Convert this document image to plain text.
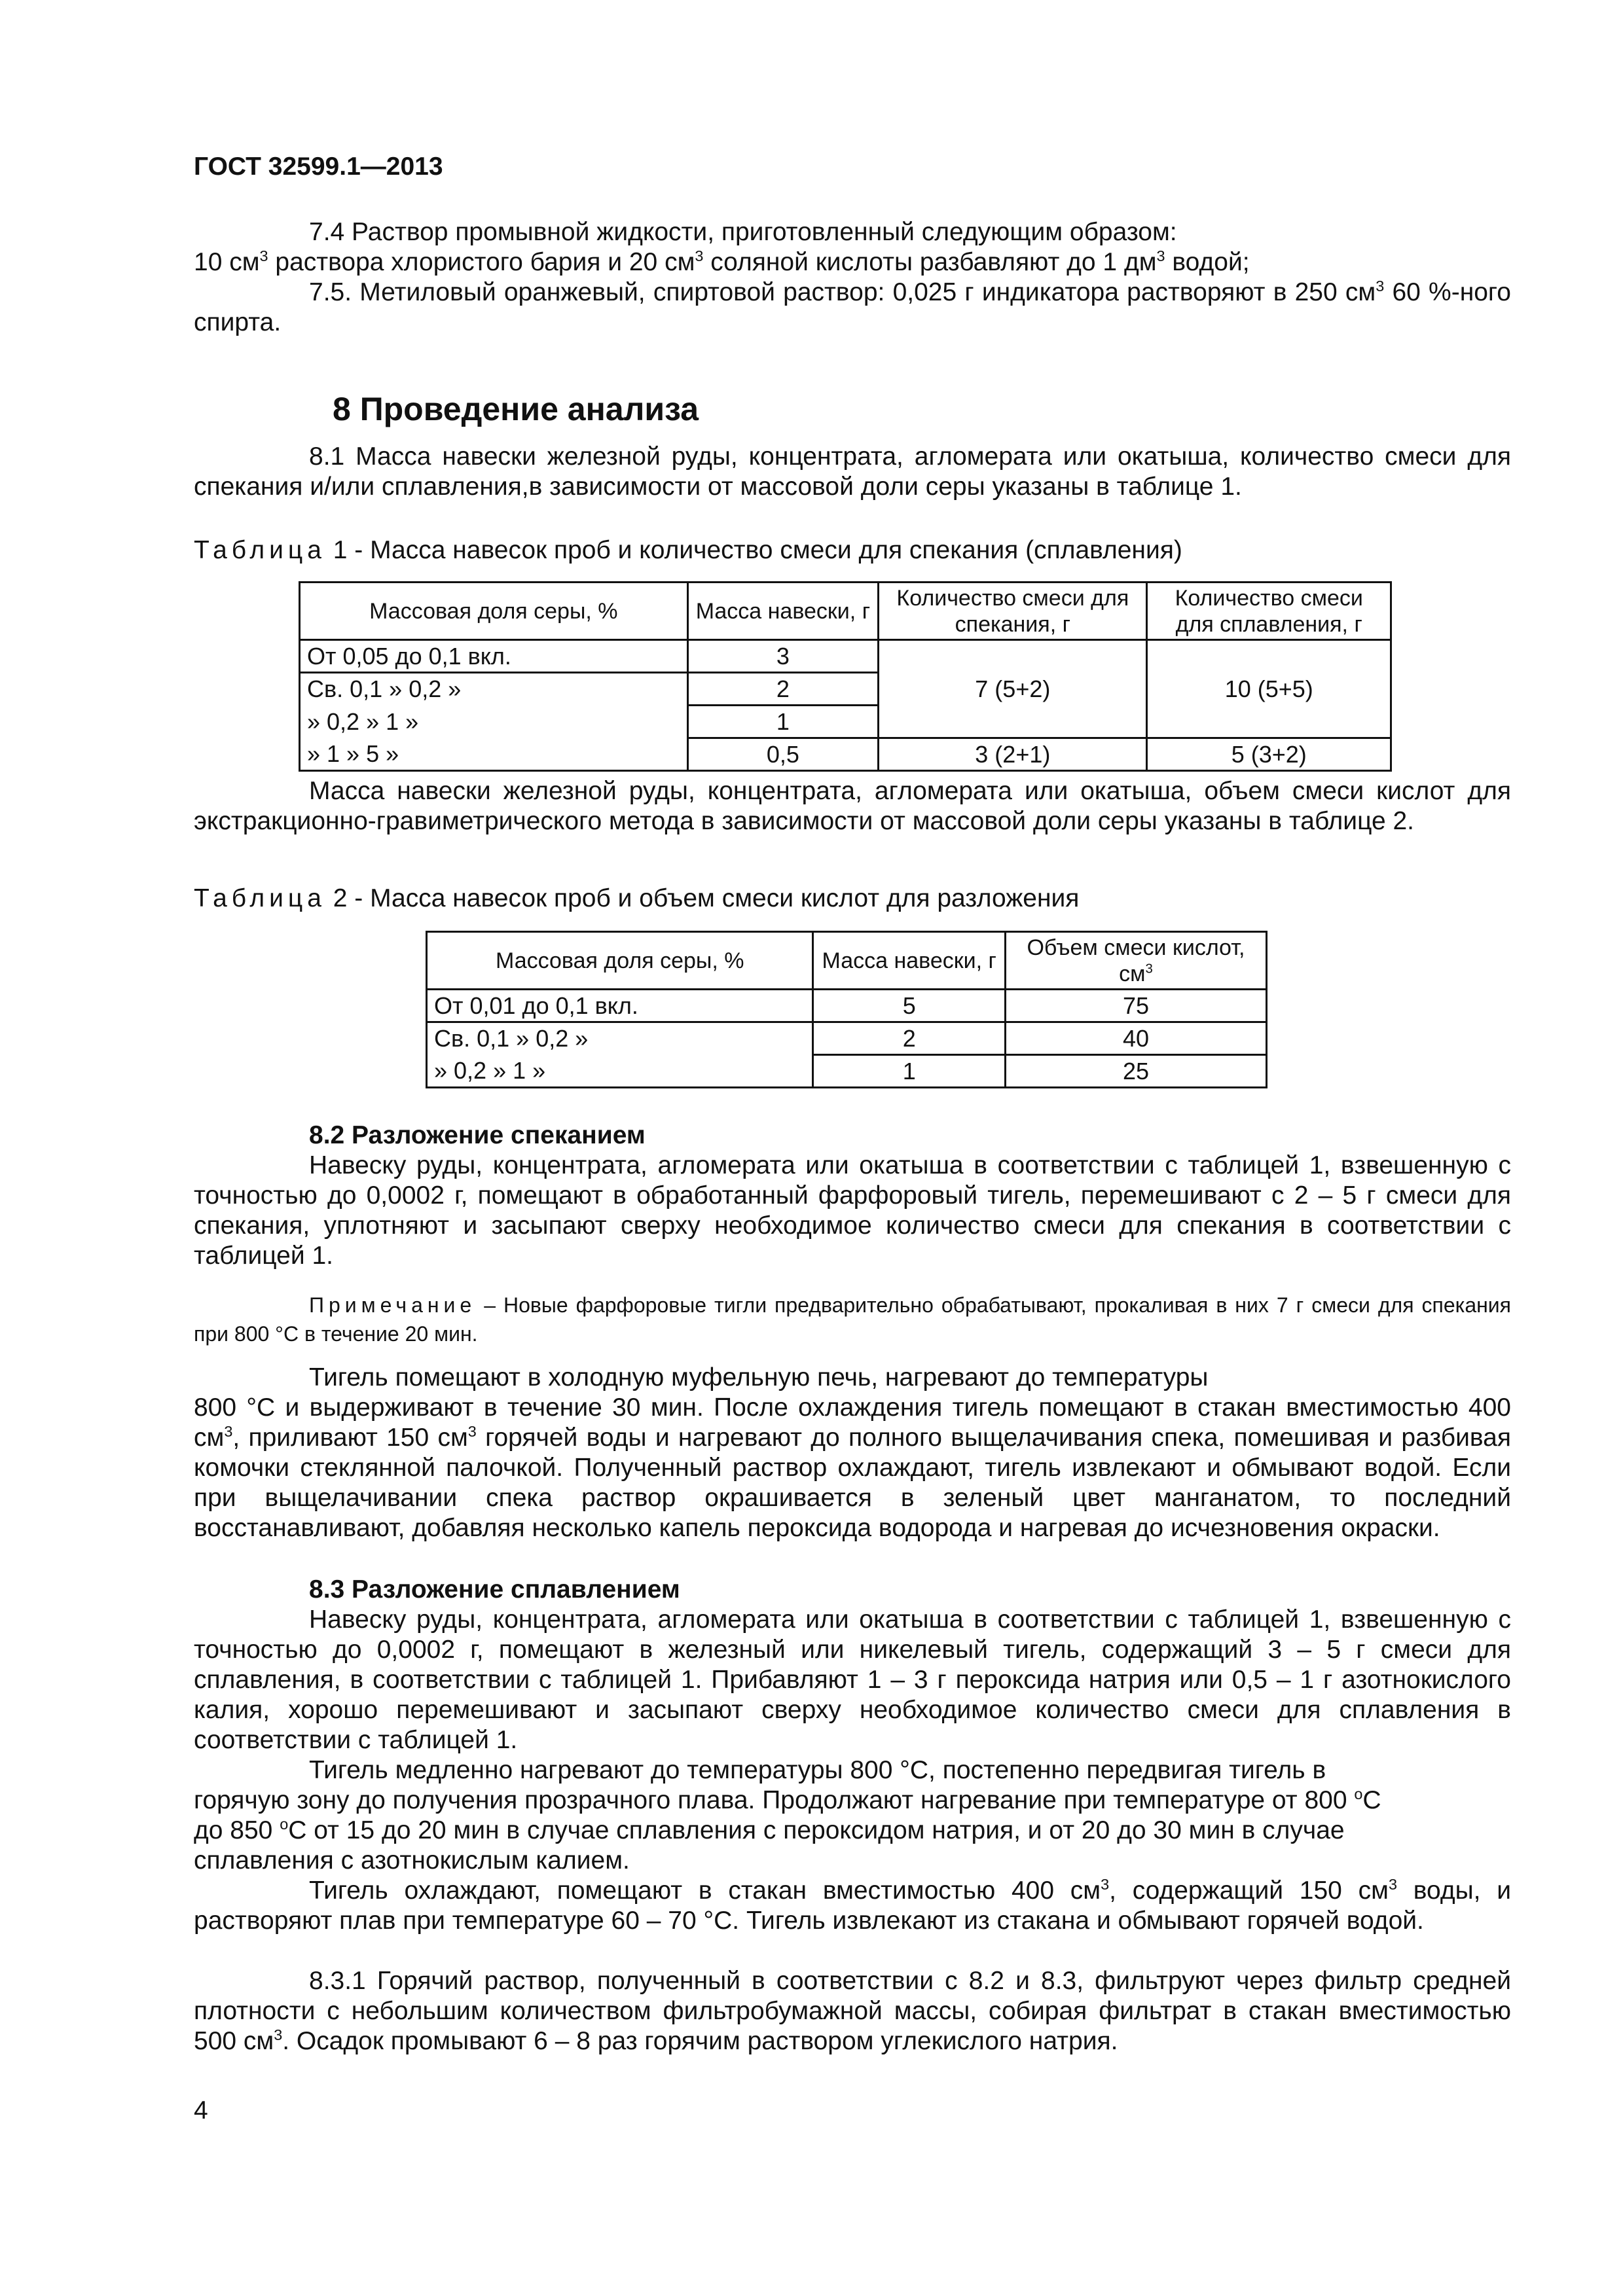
ГОСТ 32599.1—2013
7.4 Раствор промывной жидкости, приготовленный следующим образом:
10 $см^3$ раствора хлористого бария и 20 $см^3$ соляной кислоты разбавляют до 1 $дм^3$ водой;
7.5. Метиловый оранжевый, спиртовой раствор: 0,025 г индикатора растворяют в 250 $см^3$ 60 %-ного спирта.
8 Проведение анализа
8.1 Масса навески железной руды, концентрата, агломерата или окатыша, количество смеси для спекания и/или сплавления,в зависимости от массовой доли серы указаны в таблице 1.
Таблица 1 - Масса навесок проб и количество смеси для спекания (сплавления)
Массовая доля серы, %	Масса навески, г	Количество смеси для спекания, г	Количество смеси для сплавления, г
От 0,05 до 0,1 вкл.	3	7 (5+2)	10 (5+5)
Св. 0,1 » 0,2 »	2		
» 0,2 » 1 »	1		
» 1 » 5 »	0,5	3 (2+1)	5 (3+2)
Масса навески железной руды, концентрата, агломерата или окатыша, объем смеси кислот для экстракционно-гравиметрического метода в зависимости от массовой доли серы указаны в таблице 2.
Таблица 2 - Масса навесок проб и объем смеси кислот для разложения
Массовая доля серы, %	Масса навески, г	Объем смеси кислот, $см^3$
От 0,01 до 0,1 вкл.	5	75
Св. 0,1 » 0,2 »	2	40
» 0,2 » 1 »	1	25
8.2 Разложение спеканием
Навеску руды, концентрата, агломерата или окатыша в соответствии с таблицей 1, взвешенную с точностью до 0,0002 г, помещают в обработанный фарфоровый тигель, перемешивают с 2 – 5 г смеси для спекания, уплотняют и засыпают сверху необходимое количество смеси для спекания в соответствии с таблицей 1.
Примечание – Новые фарфоровые тигли предварительно обрабатывают, прокаливая в них 7 г смеси для спекания при 800 °С в течение 20 мин.
Тигель помещают в холодную муфельную печь, нагревают до температуры
800 °С и выдерживают в течение 30 мин. После охлаждения тигель помещают в стакан вместимостью 400 $см^3$, приливают 150 $см^3$ горячей воды и нагревают до полного выщелачивания спека, помешивая и разбивая комочки стеклянной палочкой. Полученный раствор охлаждают, тигель извлекают и обмывают водой. Если при выщелачивании спека раствор окрашивается в зеленый цвет манганатом, то последний восстанавливают, добавляя несколько капель пероксида водорода и нагревая до исчезновения окраски.
8.3 Разложение сплавлением
Навеску руды, концентрата, агломерата или окатыша в соответствии с таблицей 1, взвешенную с точностью до 0,0002 г, помещают в железный или никелевый тигель, содержащий 3 – 5 г смеси для сплавления, в соответствии с таблицей 1. Прибавляют 1 – 3 г пероксида натрия или 0,5 – 1 г азотнокислого калия, хорошо перемешивают и засыпают сверху необходимое количество смеси для сплавления в соответствии с таблицей 1.
Тигель медленно нагревают до температуры 800 °С, постепенно передвигая тигель в
горячую зону до получения прозрачного плава. Продолжают нагревание при температуре от 800 $^o$С
до 850 $^o$С от 15 до 20 мин в случае сплавления с пероксидом натрия, и от 20 до 30 мин в случае
сплавления с азотнокислым калием.
Тигель охлаждают, помещают в стакан вместимостью 400 $см^3$, содержащий 150 $см^3$ воды, и растворяют плав при температуре 60 – 70 °С. Тигель извлекают из стакана и обмывают горячей водой.
8.3.1 Горячий раствор, полученный в соответствии с 8.2 и 8.3, фильтруют через фильтр средней плотности с небольшим количеством фильтробумажной массы, собирая фильтрат в стакан вместимостью 500 $см^3$. Осадок промывают 6 – 8 раз горячим раствором углекислого натрия.
4
